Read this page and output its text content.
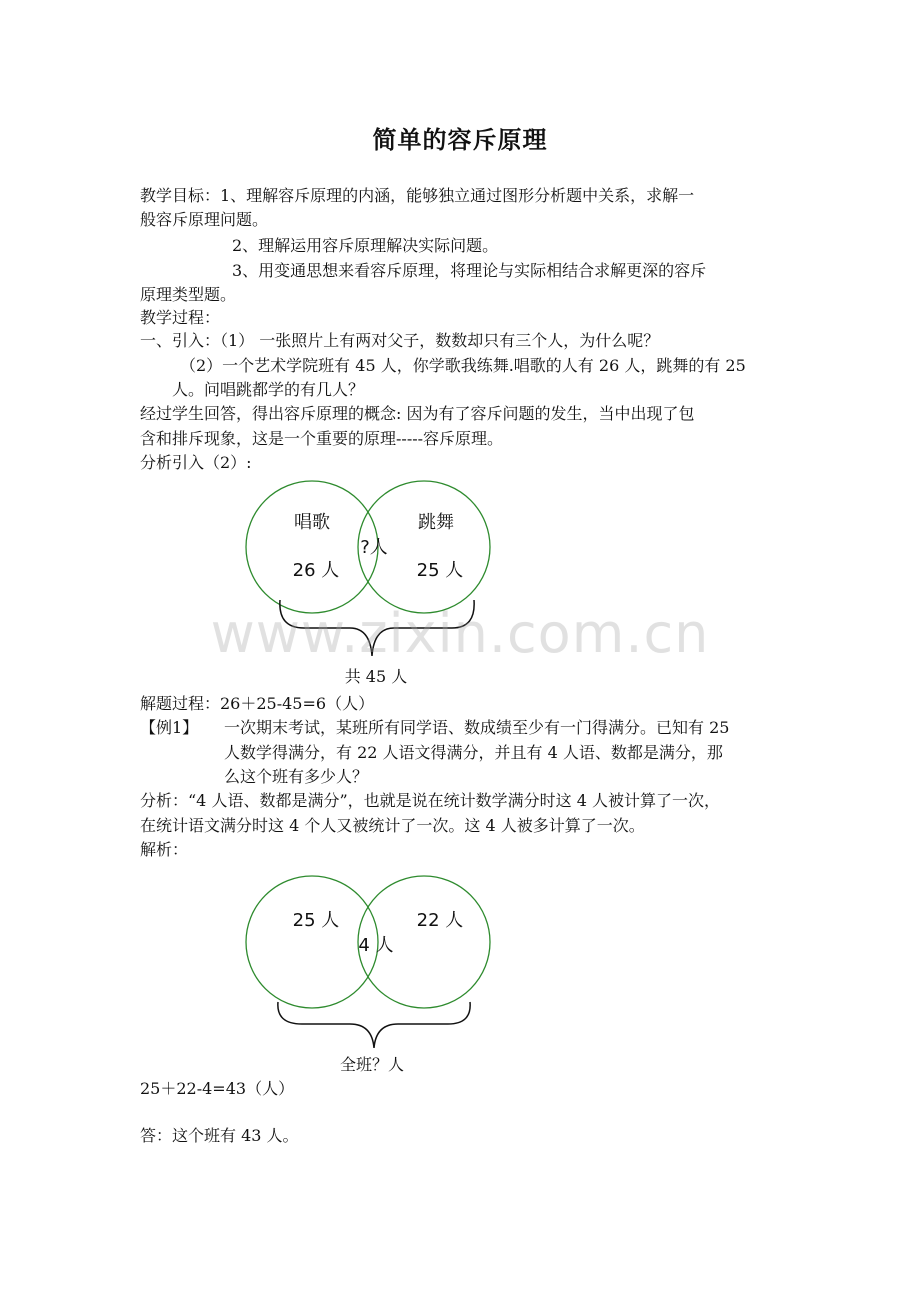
简单的容斥原理
教学目标：1、理解容斥原理的内涵，能够独立通过图形分析题中关系，求解一
般容斥原理问题。
2、理解运用容斥原理解决实际问题。
3、用变通思想来看容斥原理，将理论与实际相结合求解更深的容斥
原理类型题。
教学过程：
一、引入：（1） 一张照片上有两对父子，数数却只有三个人，为什么呢？
（2）一个艺术学院班有 45 人，你学歌我练舞.唱歌的人有 26 人，跳舞的有 25
人。问唱跳都学的有几人？
经过学生回答，得出容斥原理的概念: 因为有了容斥问题的发生，当中出现了包
含和排斥现象，这是一个重要的原理-----容斥原理。
分析引入（2）:
唱歌
26 人
?人
跳舞
25 人
共 45 人
www.zixin.com.cn
解题过程：26＋25-45=6（人）
【例1】 一次期末考试，某班所有同学语、数成绩至少有一门得满分。已知有 25
人数学得满分，有 22 人语文得满分，并且有 4 人语、数都是满分，那
么这个班有多少人？
分析：“4 人语、数都是满分”，也就是说在统计数学满分时这 4 人被计算了一次，
在统计语文满分时这 4 个人又被统计了一次。这 4 人被多计算了一次。
解析：
25 人
4 人
22 人
全班？人
25＋22-4=43（人）
答：这个班有 43 人。
